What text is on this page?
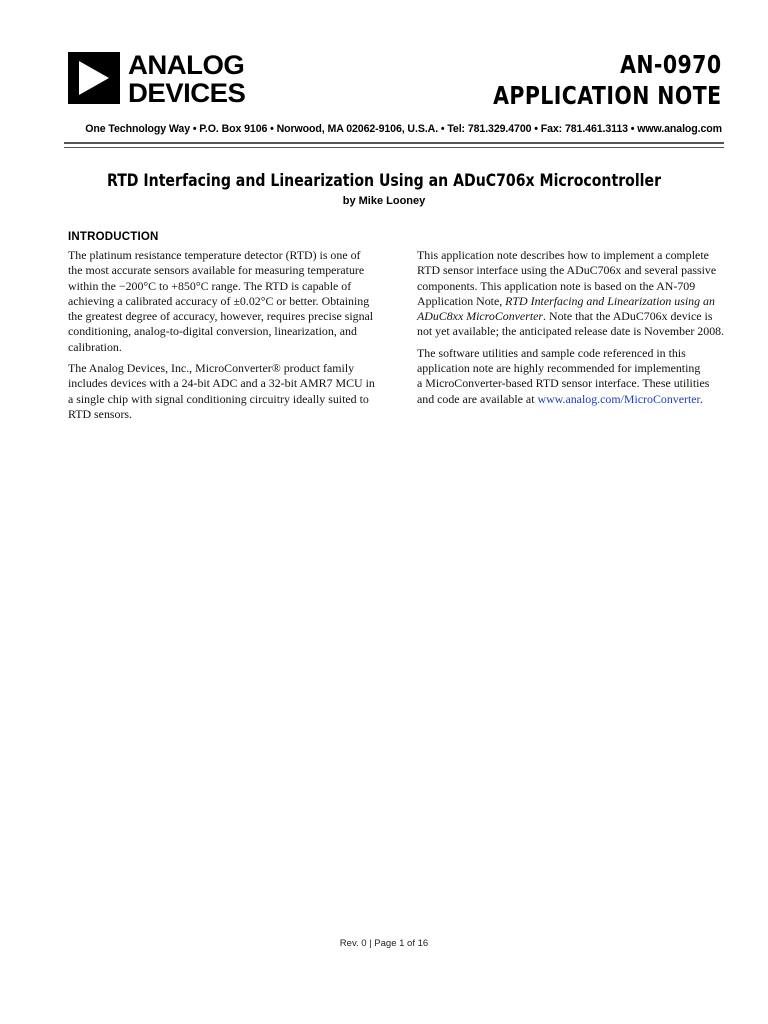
ANALOG
DEVICES
AN-0970
APPLICATION NOTE
One Technology Way • P.O. Box 9106 • Norwood, MA 02062-9106, U.S.A. • Tel: 781.329.4700 • Fax: 781.461.3113 • www.analog.com
RTD Interfacing and Linearization Using an ADuC706x Microcontroller
by Mike Looney
INTRODUCTION

The platinum resistance temperature detector (RTD) is one of
the most accurate sensors available for measuring temperature
within the −200°C to +850°C range. The RTD is capable of
achieving a calibrated accuracy of ±0.02°C or better. Obtaining
the greatest degree of accuracy, however, requires precise signal
conditioning, analog-to-digital conversion, linearization, and
calibration.

The Analog Devices, Inc., MicroConverter® product family
includes devices with a 24-bit ADC and a 32-bit AMR7 MCU in
a single chip with signal conditioning circuitry ideally suited to
RTD sensors.

This application note describes how to implement a complete
RTD sensor interface using the ADuC706x and several passive
components. This application note is based on the AN-709
Application Note, RTD Interfacing and Linearization using an
ADuC8xx MicroConverter. Note that the ADuC706x device is
not yet available; the anticipated release date is November 2008.

The software utilities and sample code referenced in this
application note are highly recommended for implementing
a MicroConverter-based RTD sensor interface. These utilities
and code are available at www.analog.com/MicroConverter.

Rev. 0 | Page 1 of 16
